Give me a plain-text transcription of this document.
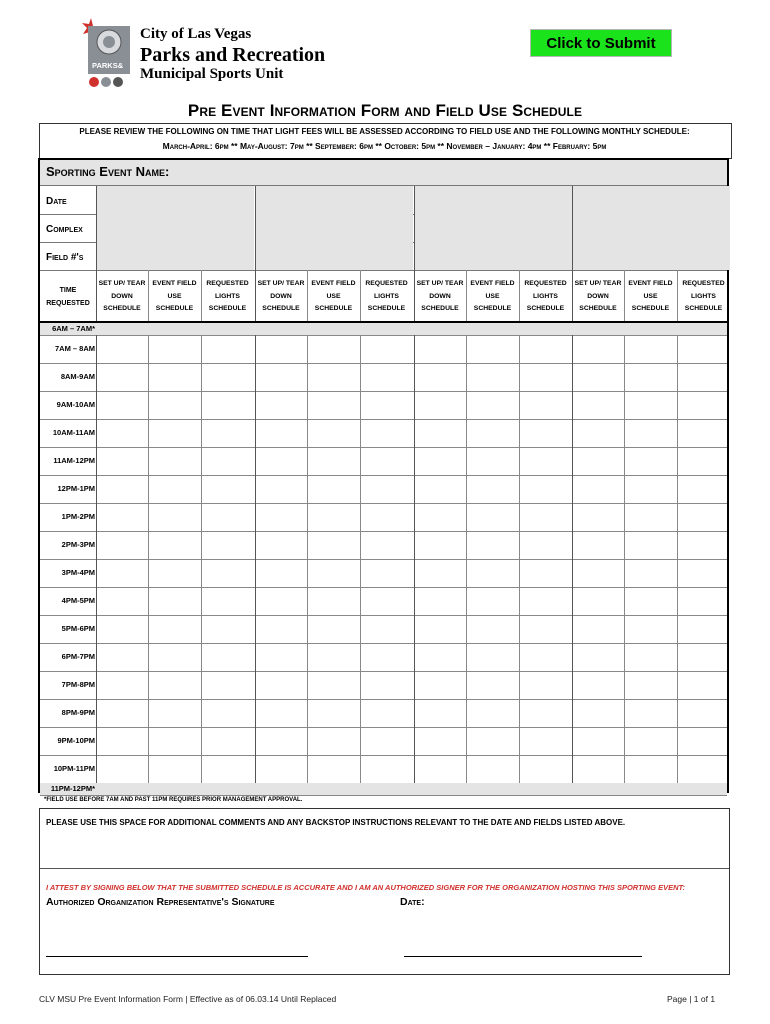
PARKS&
City of Las Vegas
Parks and Recreation
Municipal Sports Unit
Click to Submit
Pre Event Information Form and Field Use Schedule
PLEASE REVIEW THE FOLLOWING ON TIME THAT LIGHT FEES WILL BE ASSESSED ACCORDING TO FIELD USE AND THE FOLLOWING MONTHLY SCHEDULE:
March-April: 6pm ** May-August: 7pm ** September: 6pm ** October: 5pm ** November – January: 4pm ** February: 5pm
Sporting Event Name:
Date
Complex
Field #'s
TIME REQUESTED
SET UP/ TEAR DOWN SCHEDULE
EVENT FIELD USE SCHEDULE
REQUESTED LIGHTS SCHEDULE
SET UP/ TEAR DOWN SCHEDULE
EVENT FIELD USE SCHEDULE
REQUESTED LIGHTS SCHEDULE
SET UP/ TEAR DOWN SCHEDULE
EVENT FIELD USE SCHEDULE
REQUESTED LIGHTS SCHEDULE
SET UP/ TEAR DOWN SCHEDULE
EVENT FIELD USE SCHEDULE
REQUESTED LIGHTS SCHEDULE
6AM – 7AM*
7AM – 8AM
8AM-9AM
9AM-10AM
10AM-11AM
11AM-12PM
12PM-1PM
1PM-2PM
2PM-3PM
3PM-4PM
4PM-5PM
5PM-6PM
6PM-7PM
7PM-8PM
8PM-9PM
9PM-10PM
10PM-11PM
11PM-12PM*
*FIELD USE BEFORE 7AM AND PAST 11PM REQUIRES PRIOR MANAGEMENT APPROVAL.
PLEASE USE THIS SPACE FOR ADDITIONAL COMMENTS AND ANY BACKSTOP INSTRUCTIONS RELEVANT TO THE DATE AND FIELDS LISTED ABOVE.
I ATTEST BY SIGNING BELOW THAT THE SUBMITTED SCHEDULE IS ACCURATE AND I AM AN AUTHORIZED SIGNER FOR THE ORGANIZATION HOSTING THIS SPORTING EVENT:
Authorized Organization Representative's Signature	Date:
CLV MSU Pre Event Information Form | Effective as of 06.03.14 Until Replaced	Page | 1 of 1
